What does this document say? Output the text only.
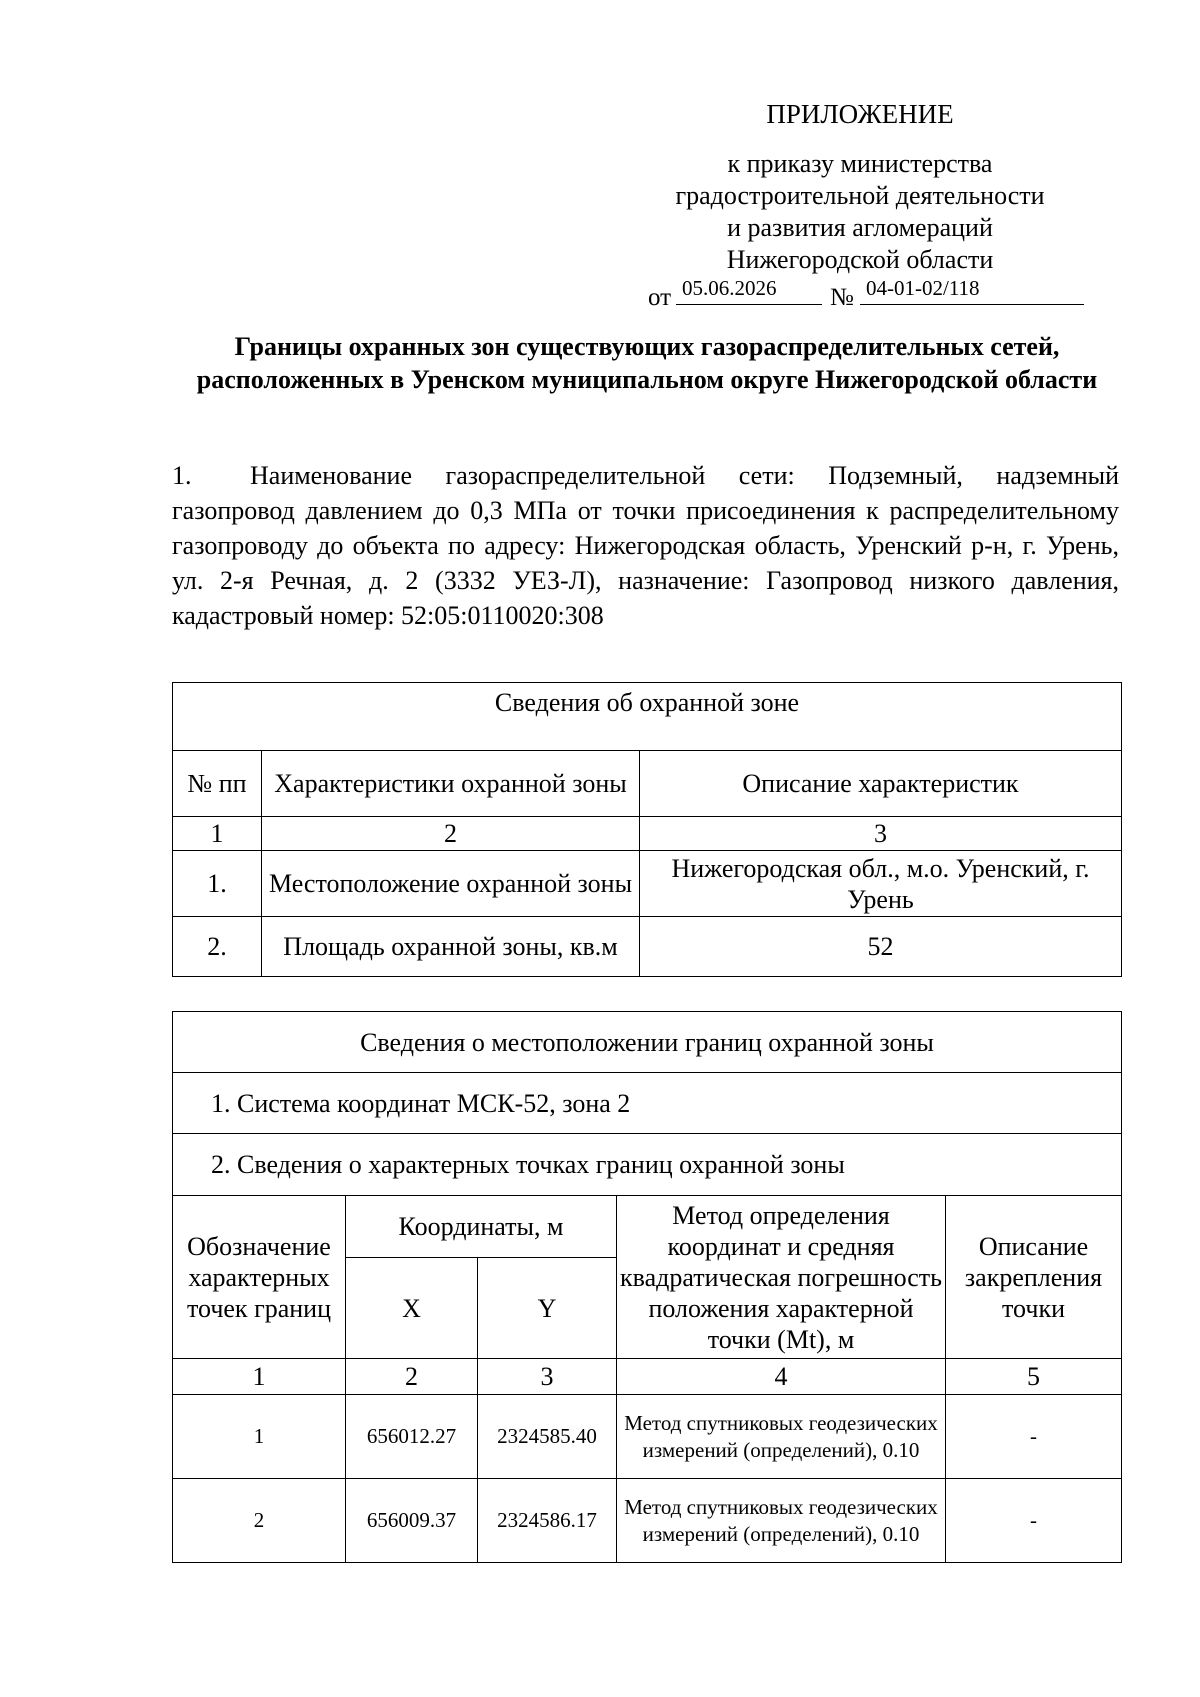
ПРИЛОЖЕНИЕ
к приказу министерства
градостроительной деятельности
и развития агломераций
Нижегородской области
от 05.06.2026	№ 04-01-02/118
Границы охранных зон существующих газораспределительных сетей, расположенных в Уренском муниципальном округе Нижегородской области
1. Наименование газораспределительной сети: Подземный, надземный газопровод давлением до 0,3 МПа от точки присоединения к распределительному газопроводу до объекта по адресу: Нижегородская область, Уренский р-н, г. Урень, ул. 2-я Речная, д. 2 (3332 УЕЗ-Л), назначение: Газопровод низкого давления, кадастровый номер: 52:05:0110020:308
Сведения об охранной зоне		
№ пп	Характеристики охранной зоны	Описание характеристик
1	2	3
1.	Местоположение охранной зоны	Нижегородская обл., м.о. Уренский, г. Урень
2.	Площадь охранной зоны, кв.м	52
Сведения о местоположении границ охранной зоны				
1. Система координат МСК-52, зона 2				
2. Сведения о характерных точках границ охранной зоны				
Обозначение характерных точек границ	Координаты, м		Метод определения координат и средняя квадратическая погрешность положения характерной точки (Mt), м	Описание закрепления точки
	X	Y		
1	2	3	4	5
1	656012.27	2324585.40	Метод спутниковых геодезических измерений (определений), 0.10	-
2	656009.37	2324586.17	Метод спутниковых геодезических измерений (определений), 0.10	-
